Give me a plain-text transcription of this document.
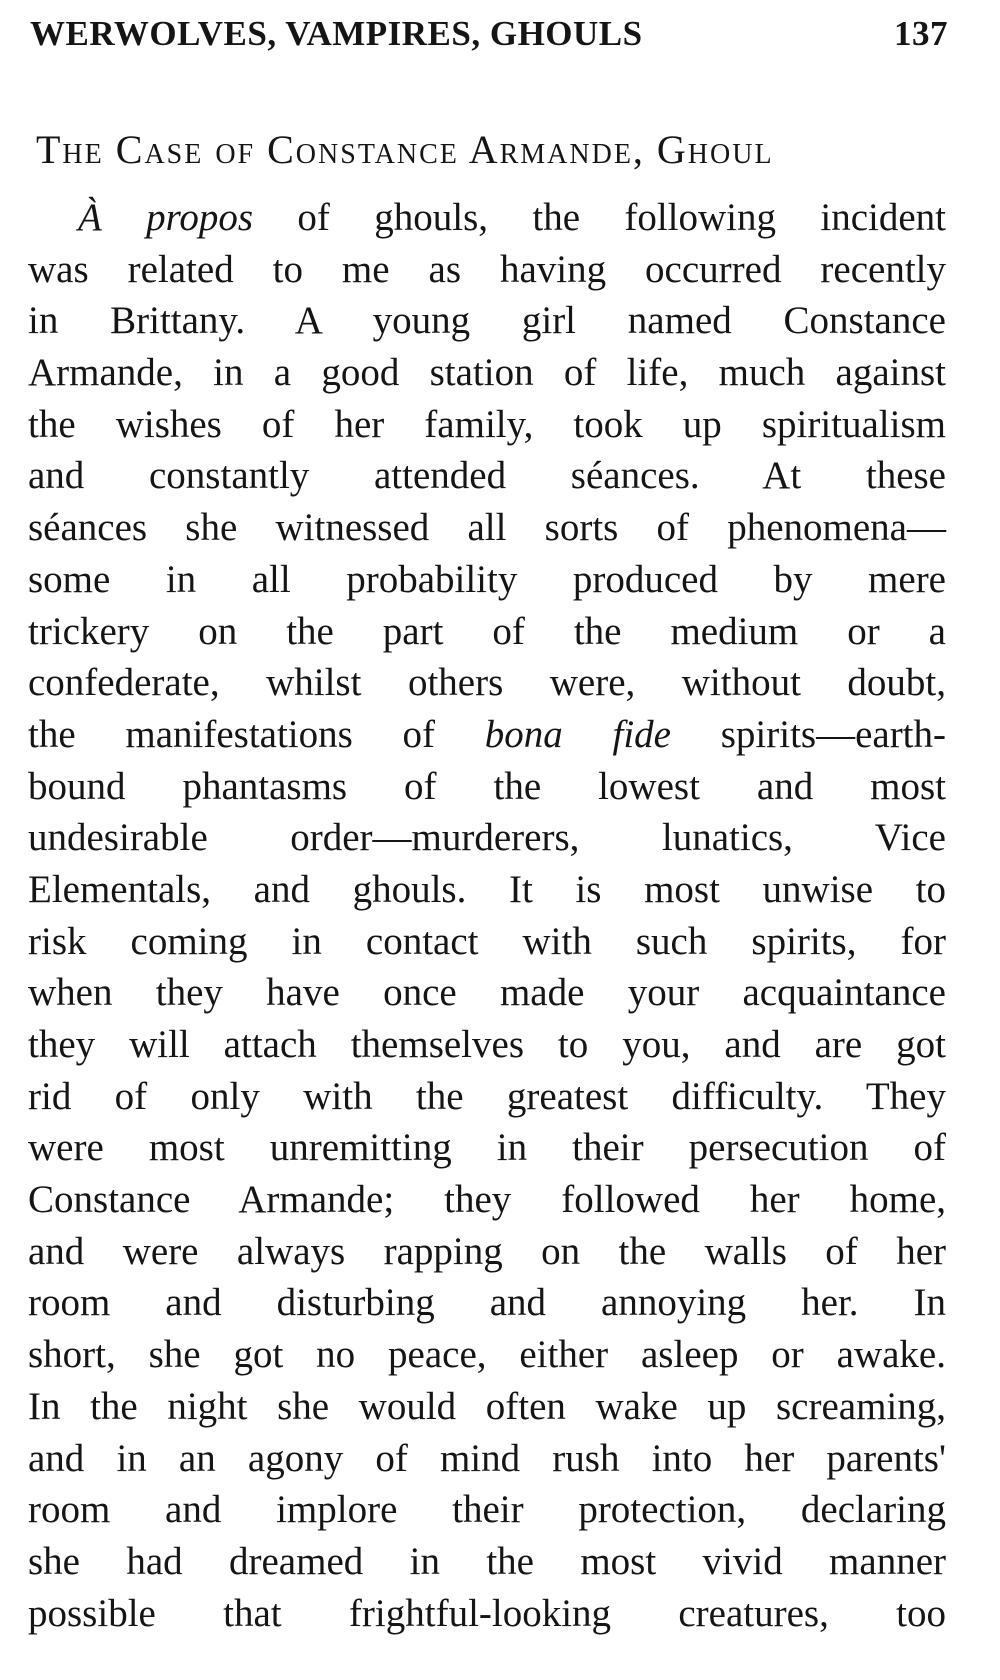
WERWOLVES, VAMPIRES, GHOULS	137
The Case of Constance Armande, Ghoul
À propos of ghouls, the following incident
was related to me as having occurred recently
in Brittany. A young girl named Constance
Armande, in a good station of life, much against
the wishes of her family, took up spiritualism
and constantly attended séances. At these
séances she witnessed all sorts of phenomena—
some in all probability produced by mere
trickery on the part of the medium or a
confederate, whilst others were, without doubt,
the manifestations of bona fide spirits—earth-
bound phantasms of the lowest and most
undesirable order—murderers, lunatics, Vice
Elementals, and ghouls. It is most unwise to
risk coming in contact with such spirits, for
when they have once made your acquaintance
they will attach themselves to you, and are got
rid of only with the greatest difficulty. They
were most unremitting in their persecution of
Constance Armande; they followed her home,
and were always rapping on the walls of her
room and disturbing and annoying her. In
short, she got no peace, either asleep or awake.
In the night she would often wake up screaming,
and in an agony of mind rush into her parents'
room and implore their protection, declaring
she had dreamed in the most vivid manner
possible that frightful-looking creatures, too
